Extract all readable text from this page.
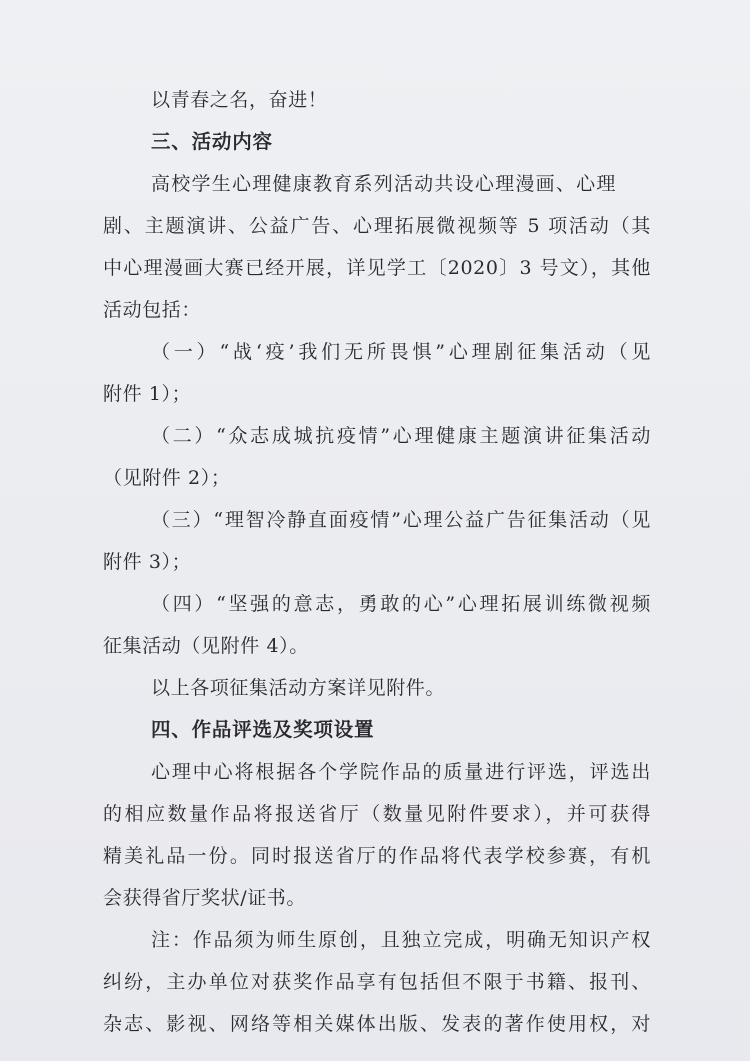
以青春之名，奋进！
三、活动内容
高校学生心理健康教育系列活动共设心理漫画、心理
剧、主题演讲、公益广告、心理拓展微视频等 5 项活动（其
中心理漫画大赛已经开展，详见学工〔2020〕3 号文），其他
活动包括：
（一）“战‘疫’我们无所畏惧”心理剧征集活动（见
附件 1）；
（二）“众志成城抗疫情”心理健康主题演讲征集活动
（见附件 2）；
（三）“理智冷静直面疫情”心理公益广告征集活动（见
附件 3）；
（四）“坚强的意志，勇敢的心”心理拓展训练微视频
征集活动（见附件 4）。
以上各项征集活动方案详见附件。
四、作品评选及奖项设置
心理中心将根据各个学院作品的质量进行评选，评选出
的相应数量作品将报送省厅（数量见附件要求），并可获得
精美礼品一份。同时报送省厅的作品将代表学校参赛，有机
会获得省厅奖状/证书。
注：作品须为师生原创，且独立完成，明确无知识产权
纠纷，主办单位对获奖作品享有包括但不限于书籍、报刊、
杂志、影视、网络等相关媒体出版、发表的著作使用权，对
